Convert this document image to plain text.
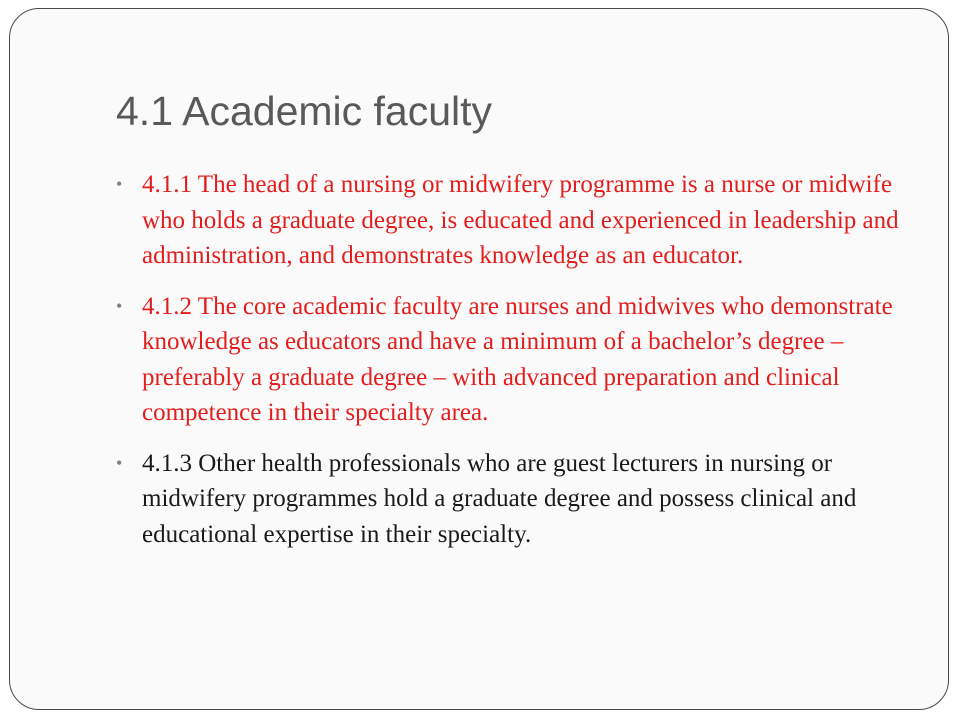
4.1 Academic faculty
• 4.1.1 The head of a nursing or midwifery programme is a nurse or midwife who holds a graduate degree, is educated and experienced in leadership and administration, and demonstrates knowledge as an educator.
• 4.1.2 The core academic faculty are nurses and midwives who demonstrate knowledge as educators and have a minimum of a bachelor’s degree –preferably a graduate degree – with advanced preparation and clinical competence in their specialty area.
• 4.1.3 Other health professionals who are guest lecturers in nursing or midwifery programmes hold a graduate degree and possess clinical and educational expertise in their specialty.
